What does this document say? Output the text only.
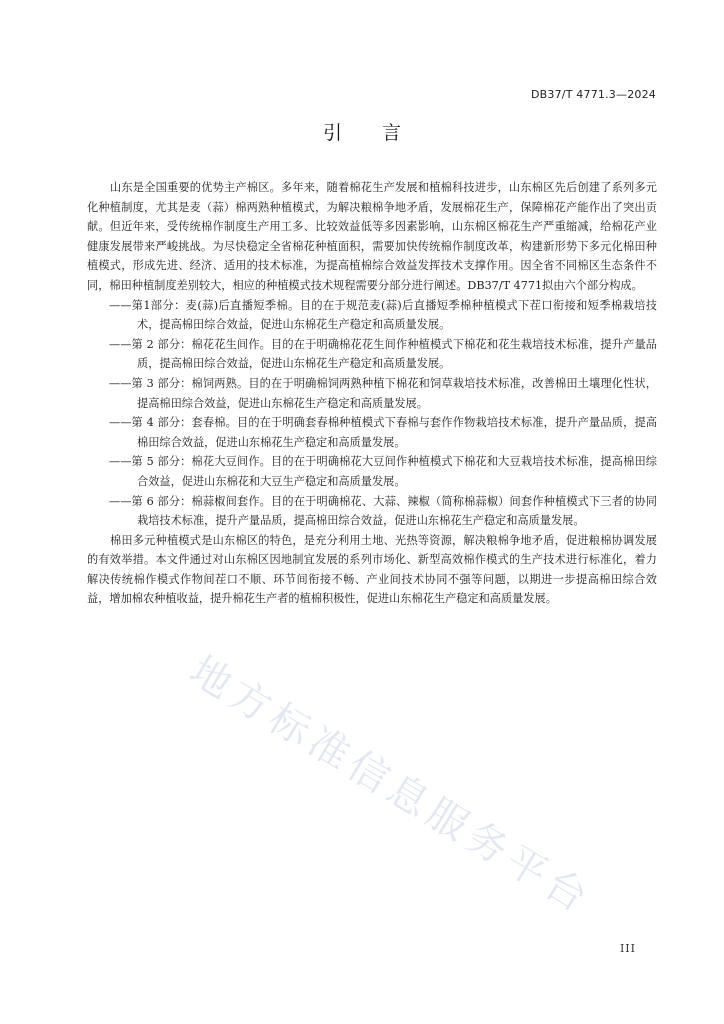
DB37/T 4771.3—2024
引言

山东是全国重要的优势主产棉区。多年来，随着棉花生产发展和植棉科技进步，山东棉区先后创建了系列多元化种植制度，尤其是麦（蒜）棉两熟种植模式，为解决粮棉争地矛盾，发展棉花生产，保障棉花产能作出了突出贡献。但近年来，受传统棉作制度生产用工多、比较效益低等多因素影响，山东棉区棉花生产严重缩减，给棉花产业健康发展带来严峻挑战。为尽快稳定全省棉花种植面积，需要加快传统棉作制度改革，构建新形势下多元化棉田种植模式，形成先进、经济、适用的技术标准，为提高植棉综合效益发挥技术支撑作用。因全省不同棉区生态条件不同，棉田种植制度差别较大，相应的种植模式技术规程需要分部分进行阐述。DB37/T 4771拟由六个部分构成。

——第1部分：麦(蒜)后直播短季棉。目的在于规范麦(蒜)后直播短季棉种植模式下茬口衔接和短季棉栽培技术，提高棉田综合效益，促进山东棉花生产稳定和高质量发展。

——第 2 部分：棉花花生间作。目的在于明确棉花花生间作种植模式下棉花和花生栽培技术标准，提升产量品质，提高棉田综合效益，促进山东棉花生产稳定和高质量发展。

——第 3 部分：棉饲两熟。目的在于明确棉饲两熟种植下棉花和饲草栽培技术标准，改善棉田土壤理化性状，提高棉田综合效益，促进山东棉花生产稳定和高质量发展。

——第 4 部分：套春棉。目的在于明确套春棉种植模式下春棉与套作作物栽培技术标准，提升产量品质，提高棉田综合效益，促进山东棉花生产稳定和高质量发展。

——第 5 部分：棉花大豆间作。目的在于明确棉花大豆间作种植模式下棉花和大豆栽培技术标准，提高棉田综合效益，促进山东棉花和大豆生产稳定和高质量发展。

——第 6 部分：棉蒜椒间套作。目的在于明确棉花、大蒜、辣椒（简称棉蒜椒）间套作种植模式下三者的协同栽培技术标准，提升产量品质，提高棉田综合效益，促进山东棉花生产稳定和高质量发展。

棉田多元种植模式是山东棉区的特色，是充分利用土地、光热等资源，解决粮棉争地矛盾，促进粮棉协调发展的有效举措。本文件通过对山东棉区因地制宜发展的系列市场化、新型高效棉作模式的生产技术进行标准化，着力解决传统棉作模式作物间茬口不顺、环节间衔接不畅、产业间技术协同不强等问题，以期进一步提高棉田综合效益，增加棉农种植收益，提升棉花生产者的植棉积极性，促进山东棉花生产稳定和高质量发展。

地方标准信息服务平台
III
